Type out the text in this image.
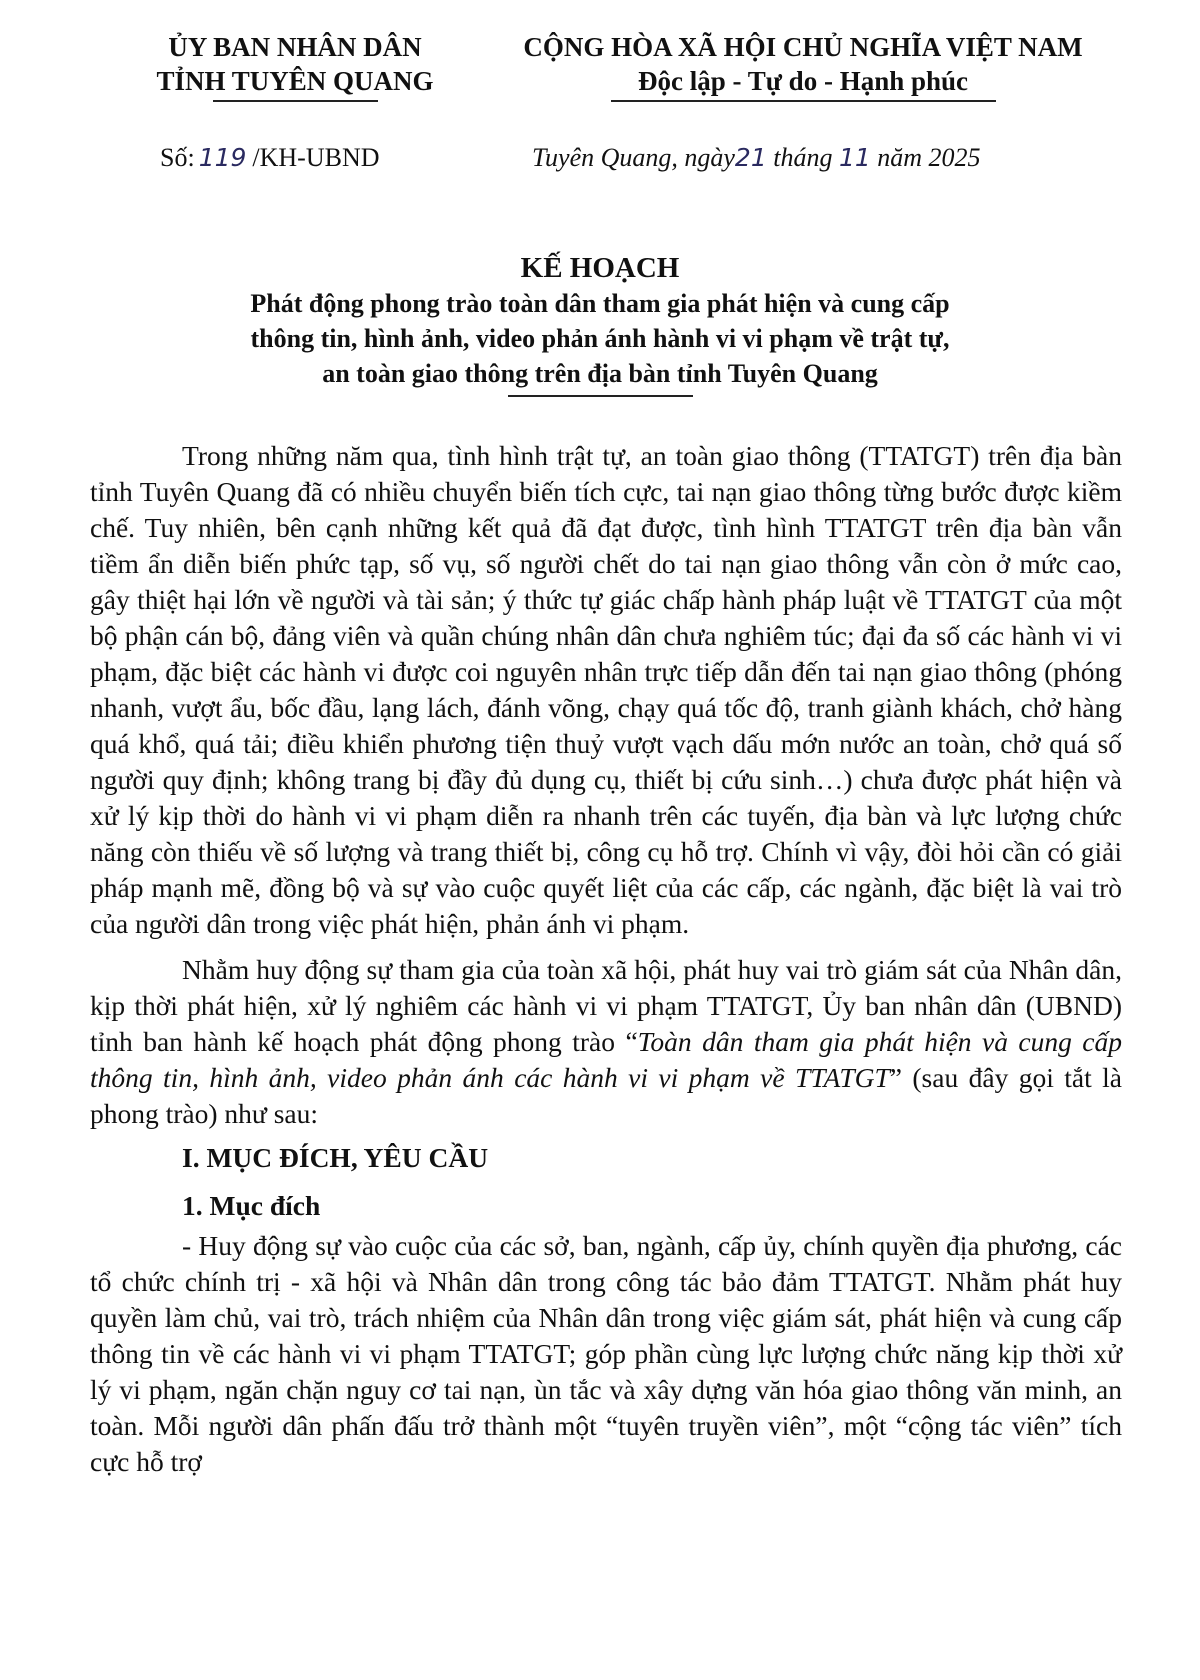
ỦY BAN NHÂN DÂN
TỈNH TUYÊN QUANG
CỘNG HÒA XÃ HỘI CHỦ NGHĨA VIỆT NAM
Độc lập - Tự do - Hạnh phúc
Số: 119 /KH-UBND	Tuyên Quang, ngày21 tháng 11 năm 2025
KẾ HOẠCH

Phát động phong trào toàn dân tham gia phát hiện và cung cấp

thông tin, hình ảnh, video phản ánh hành vi vi phạm về trật tự,

an toàn giao thông trên địa bàn tỉnh Tuyên Quang

Trong những năm qua, tình hình trật tự, an toàn giao thông (TTATGT) trên địa bàn tỉnh Tuyên Quang đã có nhiều chuyển biến tích cực, tai nạn giao thông từng bước được kiềm chế. Tuy nhiên, bên cạnh những kết quả đã đạt được, tình hình TTATGT trên địa bàn vẫn tiềm ẩn diễn biến phức tạp, số vụ, số người chết do tai nạn giao thông vẫn còn ở mức cao, gây thiệt hại lớn về người và tài sản; ý thức tự giác chấp hành pháp luật về TTATGT của một bộ phận cán bộ, đảng viên và quần chúng nhân dân chưa nghiêm túc; đại đa số các hành vi vi phạm, đặc biệt các hành vi được coi nguyên nhân trực tiếp dẫn đến tai nạn giao thông (phóng nhanh, vượt ẩu, bốc đầu, lạng lách, đánh võng, chạy quá tốc độ, tranh giành khách, chở hàng quá khổ, quá tải; điều khiển phương tiện thuỷ vượt vạch dấu mớn nước an toàn, chở quá số người quy định; không trang bị đầy đủ dụng cụ, thiết bị cứu sinh…) chưa được phát hiện và xử lý kịp thời do hành vi vi phạm diễn ra nhanh trên các tuyến, địa bàn và lực lượng chức năng còn thiếu về số lượng và trang thiết bị, công cụ hỗ trợ. Chính vì vậy, đòi hỏi cần có giải pháp mạnh mẽ, đồng bộ và sự vào cuộc quyết liệt của các cấp, các ngành, đặc biệt là vai trò của người dân trong việc phát hiện, phản ánh vi phạm.

Nhằm huy động sự tham gia của toàn xã hội, phát huy vai trò giám sát của Nhân dân, kịp thời phát hiện, xử lý nghiêm các hành vi vi phạm TTATGT, Ủy ban nhân dân (UBND) tỉnh ban hành kế hoạch phát động phong trào “Toàn dân tham gia phát hiện và cung cấp thông tin, hình ảnh, video phản ánh các hành vi vi phạm về TTATGT” (sau đây gọi tắt là phong trào) như sau:

I. MỤC ĐÍCH, YÊU CẦU

1. Mục đích

- Huy động sự vào cuộc của các sở, ban, ngành, cấp ủy, chính quyền địa phương, các tổ chức chính trị - xã hội và Nhân dân trong công tác bảo đảm TTATGT. Nhằm phát huy quyền làm chủ, vai trò, trách nhiệm của Nhân dân trong việc giám sát, phát hiện và cung cấp thông tin về các hành vi vi phạm TTATGT; góp phần cùng lực lượng chức năng kịp thời xử lý vi phạm, ngăn chặn nguy cơ tai nạn, ùn tắc và xây dựng văn hóa giao thông văn minh, an toàn. Mỗi người dân phấn đấu trở thành một “tuyên truyền viên”, một “cộng tác viên” tích cực hỗ trợ
